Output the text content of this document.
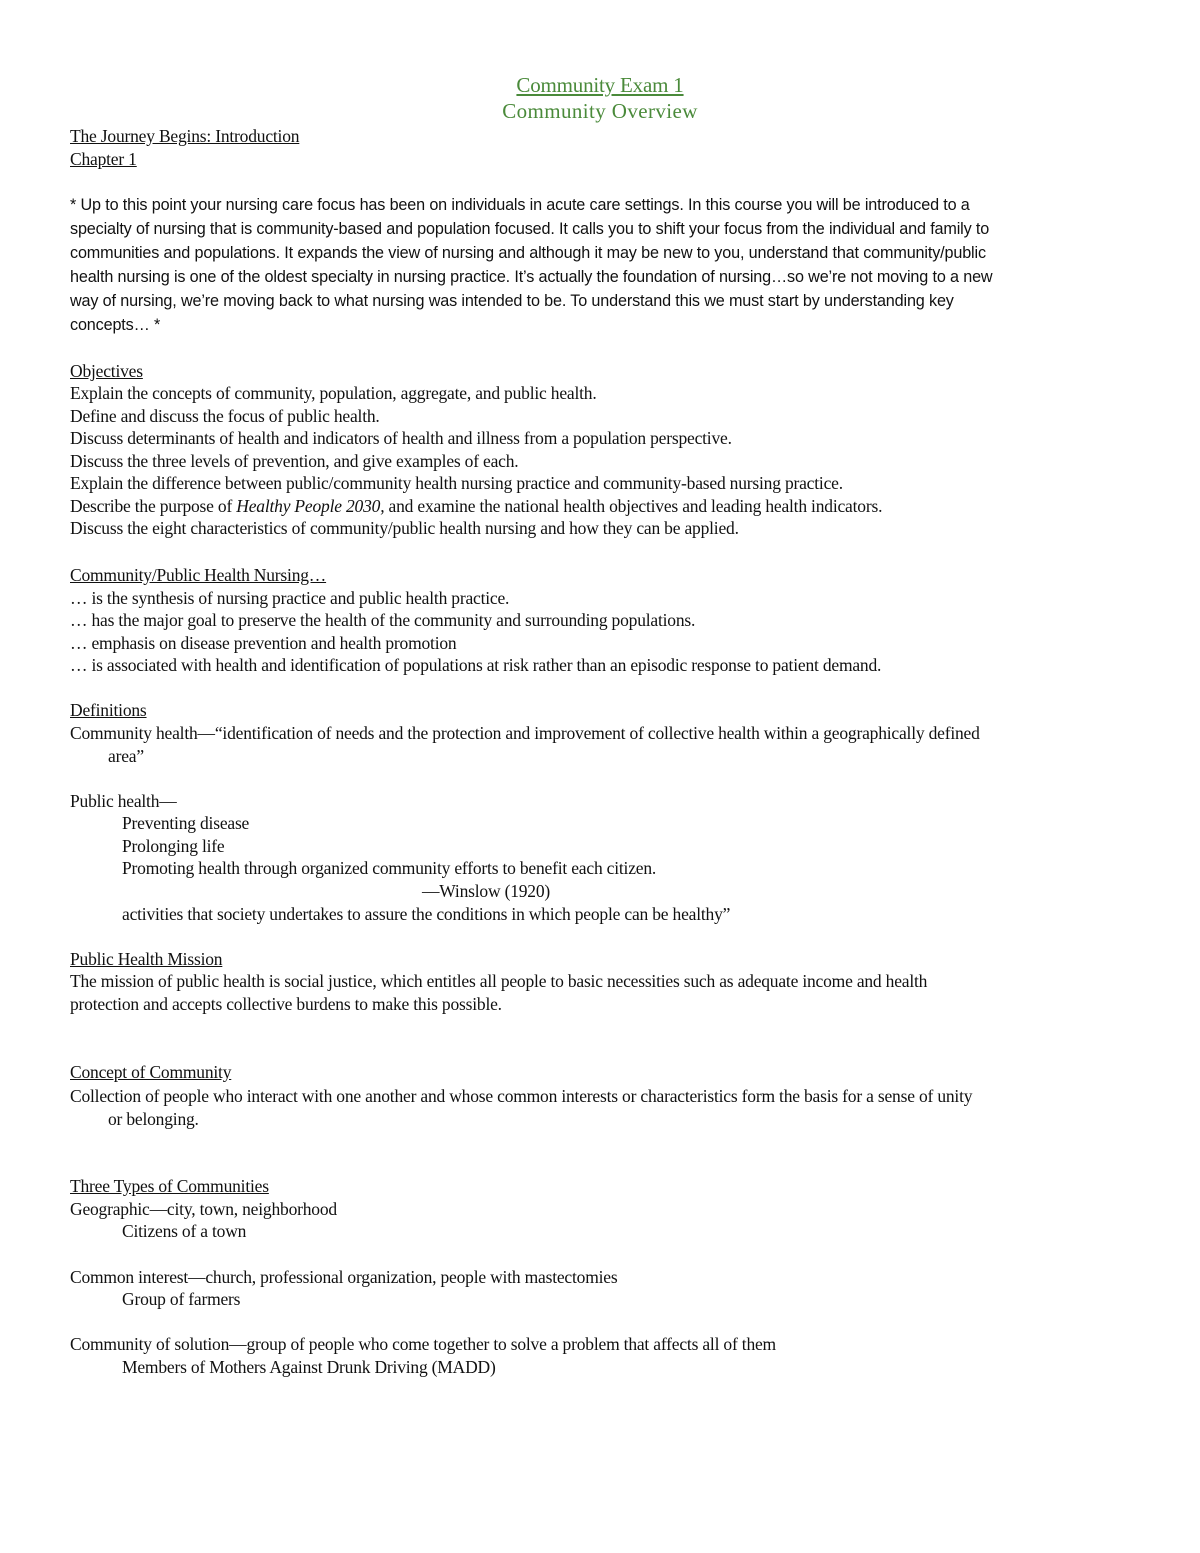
Community Exam 1
Community Overview
The Journey Begins: Introduction
Chapter 1
* Up to this point your nursing care focus has been on individuals in acute care settings. In this course you will be introduced to a
specialty of nursing that is community-based and population focused. It calls you to shift your focus from the individual and family to
communities and populations. It expands the view of nursing and although it may be new to you, understand that community/public
health nursing is one of the oldest specialty in nursing practice. It’s actually the foundation of nursing…so we’re not moving to a new
way of nursing, we’re moving back to what nursing was intended to be. To understand this we must start by understanding key
concepts… *
Objectives
Explain the concepts of community, population, aggregate, and public health.
Define and discuss the focus of public health.
Discuss determinants of health and indicators of health and illness from a population perspective.
Discuss the three levels of prevention, and give examples of each.
Explain the difference between public/community health nursing practice and community-based nursing practice.
Describe the purpose of Healthy People 2030, and examine the national health objectives and leading health indicators.
Discuss the eight characteristics of community/public health nursing and how they can be applied.
Community/Public Health Nursing…
… is the synthesis of nursing practice and public health practice.
… has the major goal to preserve the health of the community and surrounding populations.
… emphasis on disease prevention and health promotion
… is associated with health and identification of populations at risk rather than an episodic response to patient demand.
Definitions
Community health—“identification of needs and the protection and improvement of collective health within a geographically defined
area”
Public health—
Preventing disease
Prolonging life
Promoting health through organized community efforts to benefit each citizen.
—Winslow (1920)
activities that society undertakes to assure the conditions in which people can be healthy”
Public Health Mission
The mission of public health is social justice, which entitles all people to basic necessities such as adequate income and health
protection and accepts collective burdens to make this possible.
Concept of Community
Collection of people who interact with one another and whose common interests or characteristics form the basis for a sense of unity
or belonging.
Three Types of Communities
Geographic—city, town, neighborhood
Citizens of a town
Common interest—church, professional organization, people with mastectomies
Group of farmers
Community of solution—group of people who come together to solve a problem that affects all of them
Members of Mothers Against Drunk Driving (MADD)
